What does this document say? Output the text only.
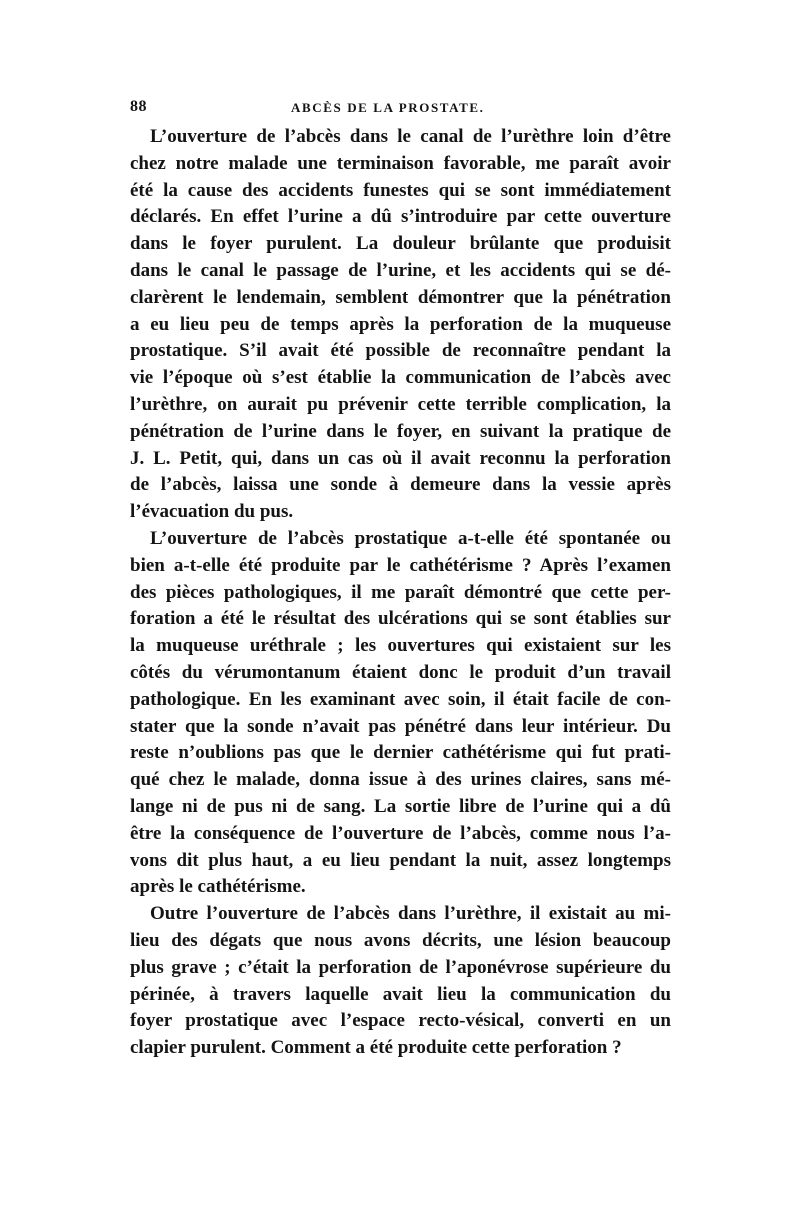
88	ABCÈS DE LA PROSTATE.
L’ouverture de l’abcès dans le canal de l’urèthre loin d’être
chez notre malade une terminaison favorable, me paraît avoir
été la cause des accidents funestes qui se sont immédiatement
déclarés. En effet l’urine a dû s’introduire par cette ouverture
dans le foyer purulent. La douleur brûlante que produisit
dans le canal le passage de l’urine, et les accidents qui se dé-
clarèrent le lendemain, semblent démontrer que la pénétration
a eu lieu peu de temps après la perforation de la muqueuse
prostatique. S’il avait été possible de reconnaître pendant la
vie l’époque où s’est établie la communication de l’abcès avec
l’urèthre, on aurait pu prévenir cette terrible complication, la
pénétration de l’urine dans le foyer, en suivant la pratique de
J. L. Petit, qui, dans un cas où il avait reconnu la perforation
de l’abcès, laissa une sonde à demeure dans la vessie après
l’évacuation du pus.
L’ouverture de l’abcès prostatique a-t-elle été spontanée ou
bien a-t-elle été produite par le cathétérisme ? Après l’examen
des pièces pathologiques, il me paraît démontré que cette per-
foration a été le résultat des ulcérations qui se sont établies sur
la muqueuse uréthrale ; les ouvertures qui existaient sur les
côtés du vérumontanum étaient donc le produit d’un travail
pathologique. En les examinant avec soin, il était facile de con-
stater que la sonde n’avait pas pénétré dans leur intérieur. Du
reste n’oublions pas que le dernier cathétérisme qui fut prati-
qué chez le malade, donna issue à des urines claires, sans mé-
lange ni de pus ni de sang. La sortie libre de l’urine qui a dû
être la conséquence de l’ouverture de l’abcès, comme nous l’a-
vons dit plus haut, a eu lieu pendant la nuit, assez longtemps
après le cathétérisme.
Outre l’ouverture de l’abcès dans l’urèthre, il existait au mi-
lieu des dégats que nous avons décrits, une lésion beaucoup
plus grave ; c’était la perforation de l’aponévrose supérieure du
périnée, à travers laquelle avait lieu la communication du
foyer prostatique avec l’espace recto-vésical, converti en un
clapier purulent. Comment a été produite cette perforation ?
